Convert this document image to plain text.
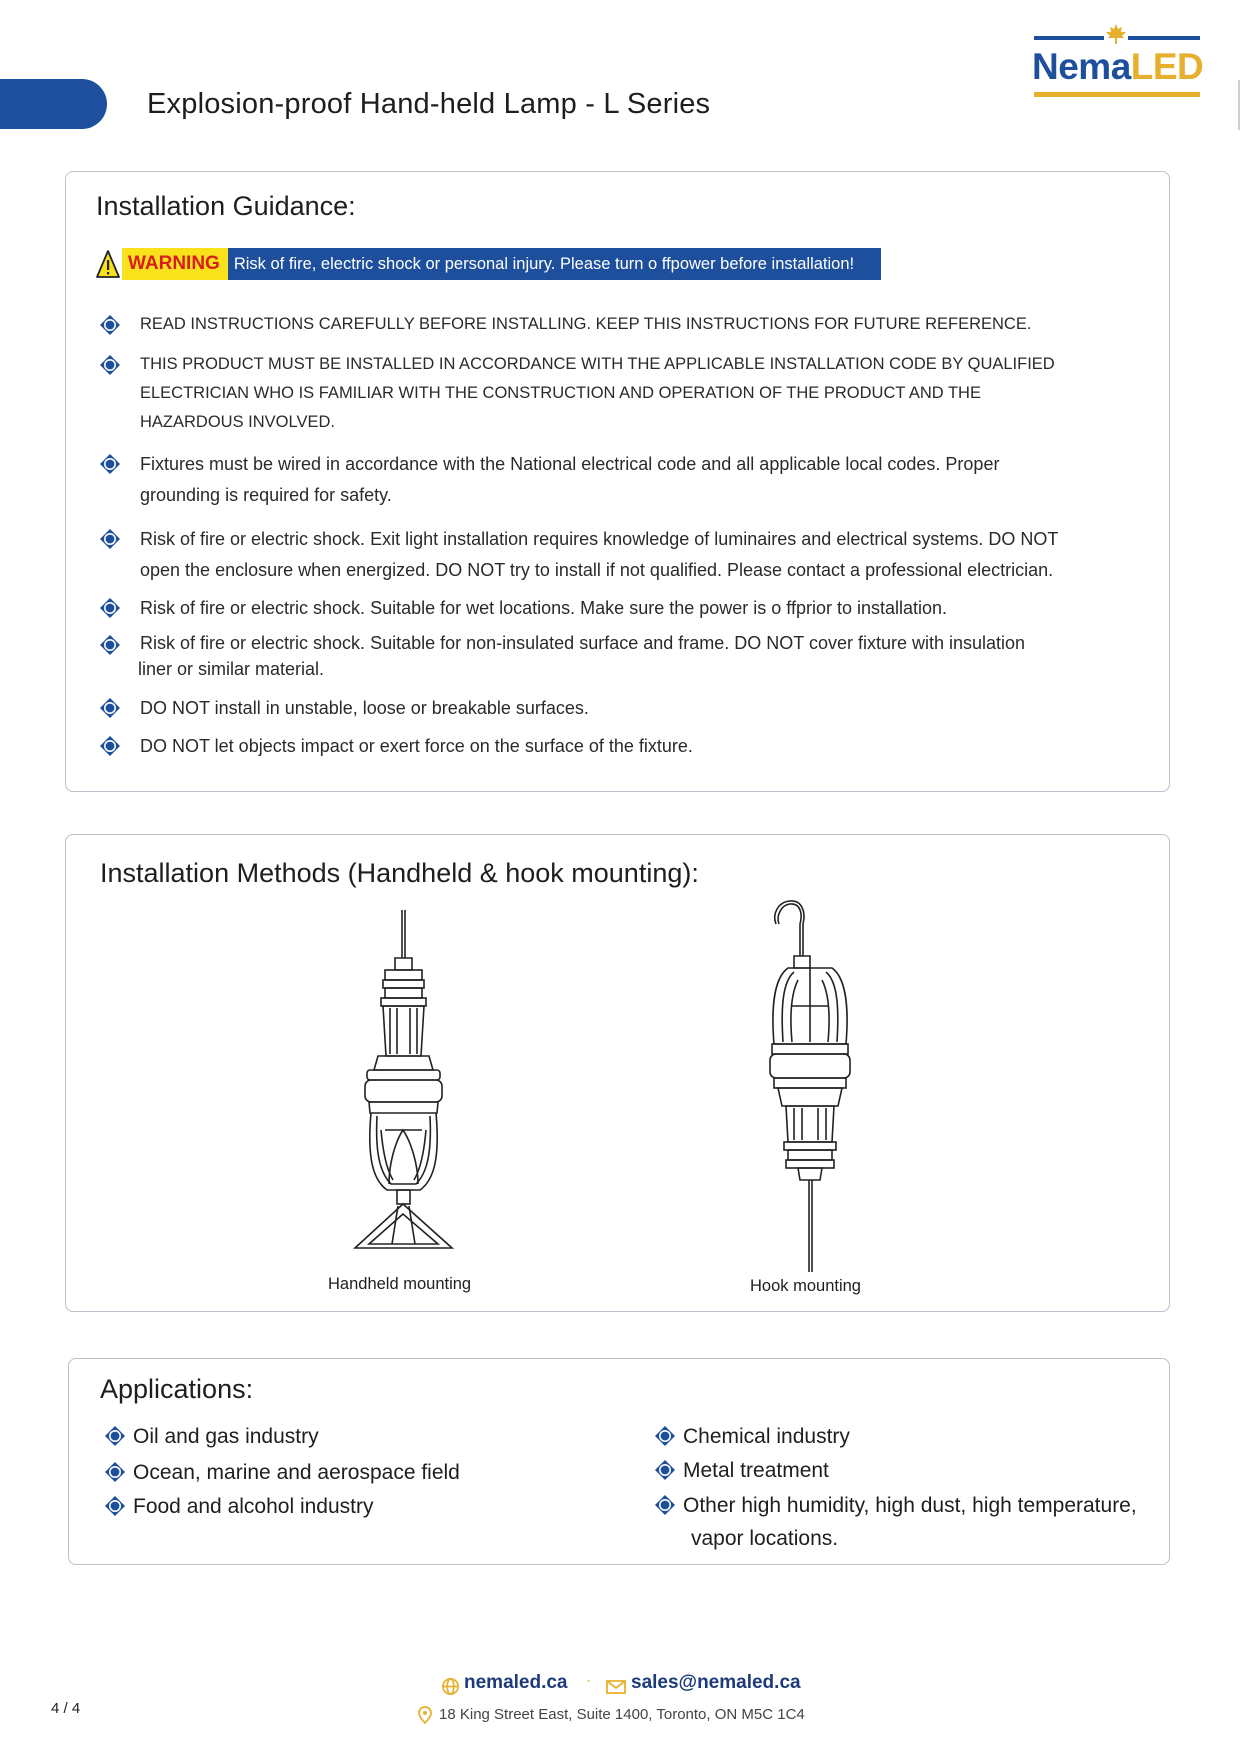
Explosion-proof Hand-held Lamp - L Series
NemaLED
Installation Guidance:
WARNING Risk of fire, electric shock or personal injury. Please turn o ffpower before installation!
READ INSTRUCTIONS CAREFULLY BEFORE INSTALLING. KEEP THIS INSTRUCTIONS FOR FUTURE REFERENCE.
THIS PRODUCT MUST BE INSTALLED IN ACCORDANCE WITH THE APPLICABLE INSTALLATION CODE BY QUALIFIED
ELECTRICIAN WHO IS FAMILIAR WITH THE CONSTRUCTION AND OPERATION OF THE PRODUCT AND THE
HAZARDOUS INVOLVED.
Fixtures must be wired in accordance with the National electrical code and all applicable local codes. Proper
grounding is required for safety.
Risk of fire or electric shock. Exit light installation requires knowledge of luminaires and electrical systems. DO NOT
open the enclosure when energized. DO NOT try to install if not qualified. Please contact a professional electrician.
Risk of fire or electric shock. Suitable for wet locations. Make sure the power is o ffprior to installation.
Risk of fire or electric shock. Suitable for non-insulated surface and frame. DO NOT cover fixture with insulation
liner or similar material.
DO NOT install in unstable, loose or breakable surfaces.
DO NOT let objects impact or exert force on the surface of the fixture.
Installation Methods (Handheld & hook mounting):
Handheld mounting	Hook mounting
Applications:
Oil and gas industry
Ocean, marine and aerospace field
Food and alcohol industry
Chemical industry
Metal treatment
Other high humidity, high dust, high temperature,
vapor locations.
nemaled.ca · sales@nemaled.ca
18 King Street East, Suite 1400, Toronto, ON M5C 1C4
4 / 4
